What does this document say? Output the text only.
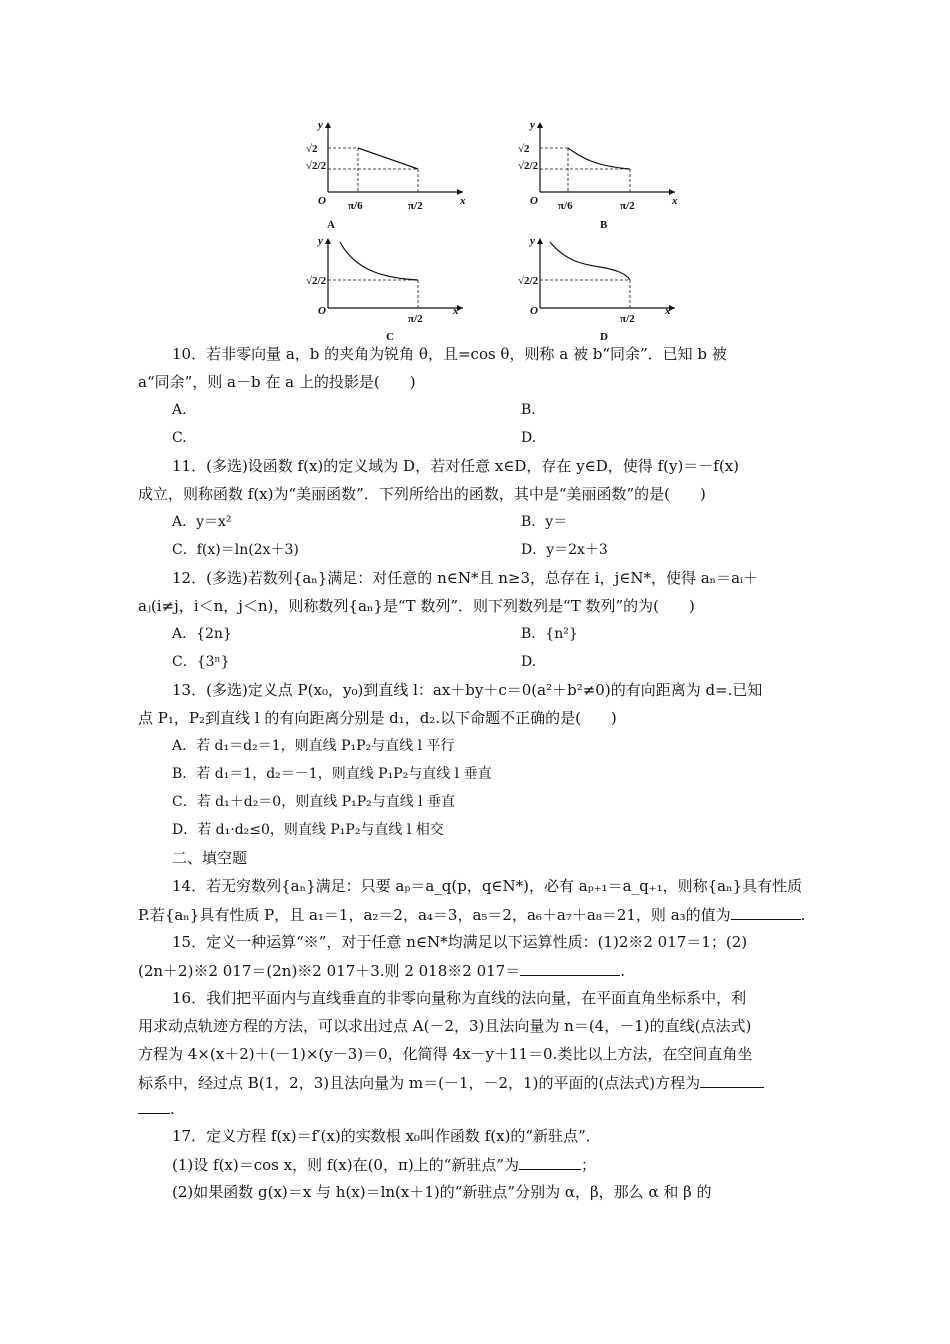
y
x
O
√2
√2/2
π/6	π/2
A
y
x
O
√2
√2/2
π/6	π/2
B
y
x
O
√2/2
π/2
C
y
x
O
√2/2
π/2
D
10．若非零向量 a，b 的夹角为锐角 θ，且=cos θ，则称 a 被 b“同余”．已知 b 被
a“同余”，则 a－b 在 a 上的投影是(　　)
A.	B.
C.	D.
11．(多选)设函数 f(x)的定义域为 D，若对任意 x∈D，存在 y∈D，使得 f(y)＝－f(x)
成立，则称函数 f(x)为“美丽函数”．下列所给出的函数，其中是“美丽函数”的是(　　)
A．y＝x²	B．y＝
C．f(x)＝ln(2x＋3)	D．y＝2x＋3
12．(多选)若数列{aₙ}满足：对任意的 n∈N*且 n≥3，总存在 i，j∈N*，使得 aₙ＝aᵢ＋
aⱼ(i≠j，i＜n，j＜n)，则称数列{aₙ}是“T 数列”．则下列数列是“T 数列”的为(　　)
A．{2n}	B．{n²}
C．{3ⁿ}	D.
13．(多选)定义点 P(x₀，y₀)到直线 l：ax＋by＋c＝0(a²＋b²≠0)的有向距离为 d=.已知
点 P₁，P₂到直线 l 的有向距离分别是 d₁，d₂.以下命题不正确的是(　　)
A．若 d₁＝d₂＝1，则直线 P₁P₂与直线 l 平行
B．若 d₁＝1，d₂＝－1，则直线 P₁P₂与直线 l 垂直
C．若 d₁＋d₂＝0，则直线 P₁P₂与直线 l 垂直
D．若 d₁·d₂≤0，则直线 P₁P₂与直线 l 相交
二、填空题
14．若无穷数列{aₙ}满足：只要 aₚ＝a_q(p，q∈N*)，必有 aₚ₊₁＝a_q₊₁，则称{aₙ}具有性质
P.若{aₙ}具有性质 P，且 a₁＝1，a₂＝2，a₄＝3，a₅＝2，a₆＋a₇＋a₈＝21，则 a₃的值为	.
15．定义一种运算“※”，对于任意 n∈N*均满足以下运算性质：(1)2※2 017＝1；(2)
(2n＋2)※2 017＝(2n)※2 017＋3.则 2 018※2 017＝	.
16．我们把平面内与直线垂直的非零向量称为直线的法向量，在平面直角坐标系中，利
用求动点轨迹方程的方法，可以求出过点 A(－2，3)且法向量为 n＝(4，－1)的直线(点法式)
方程为 4×(x＋2)＋(－1)×(y－3)＝0，化简得 4x－y＋11＝0.类比以上方法，在空间直角坐
标系中，经过点 B(1，2，3)且法向量为 m＝(－1，－2，1)的平面的(点法式)方程为
.
17．定义方程 f(x)＝f′(x)的实数根 x₀叫作函数 f(x)的“新驻点”．
(1)设 f(x)＝cos x，则 f(x)在(0，π)上的“新驻点”为	；
(2)如果函数 g(x)＝x 与 h(x)＝ln(x＋1)的“新驻点”分别为 α，β，那么 α 和 β 的
